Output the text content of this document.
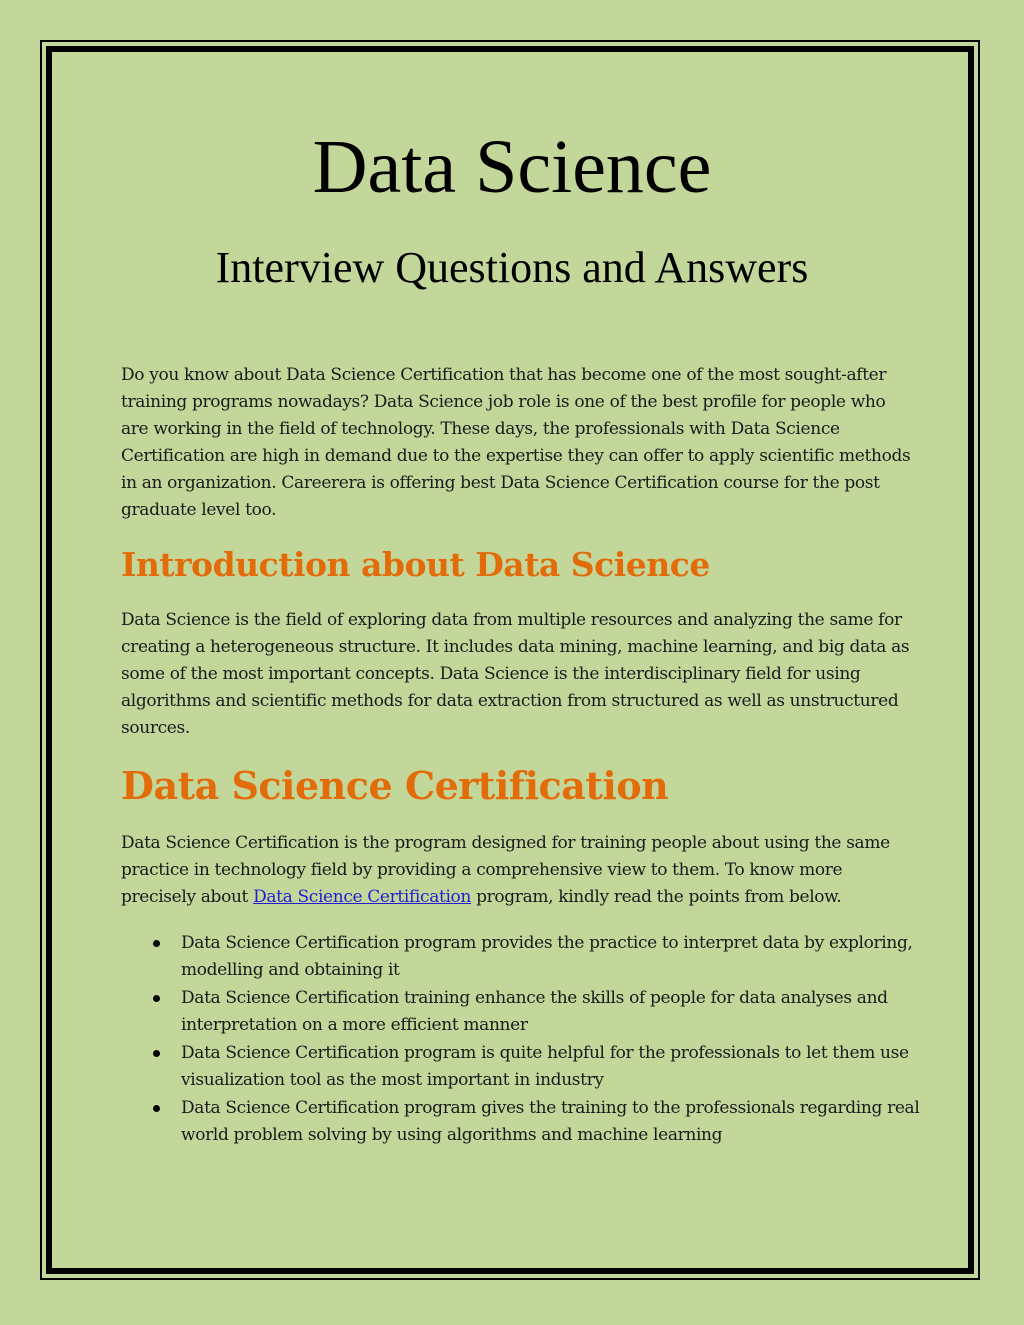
Data Science
Interview Questions and Answers

Do you know about Data Science Certification that has become one of the most sought-after training programs nowadays? Data Science job role is one of the best profile for people who are working in the field of technology. These days, the professionals with Data Science Certification are high in demand due to the expertise they can offer to apply scientific methods in an organization. Careerera is offering best Data Science Certification course for the post graduate level too.

Introduction about Data Science

Data Science is the field of exploring data from multiple resources and analyzing the same for creating a heterogeneous structure. It includes data mining, machine learning, and big data as some of the most important concepts. Data Science is the interdisciplinary field for using algorithms and scientific methods for data extraction from structured as well as unstructured sources.

Data Science Certification

Data Science Certification is the program designed for training people about using the same practice in technology field by providing a comprehensive view to them. To know more precisely about Data Science Certification program, kindly read the points from below.

Data Science Certification program provides the practice to interpret data by exploring, modelling and obtaining it
Data Science Certification training enhance the skills of people for data analyses and interpretation on a more efficient manner
Data Science Certification program is quite helpful for the professionals to let them use visualization tool as the most important in industry
Data Science Certification program gives the training to the professionals regarding real world problem solving by using algorithms and machine learning
